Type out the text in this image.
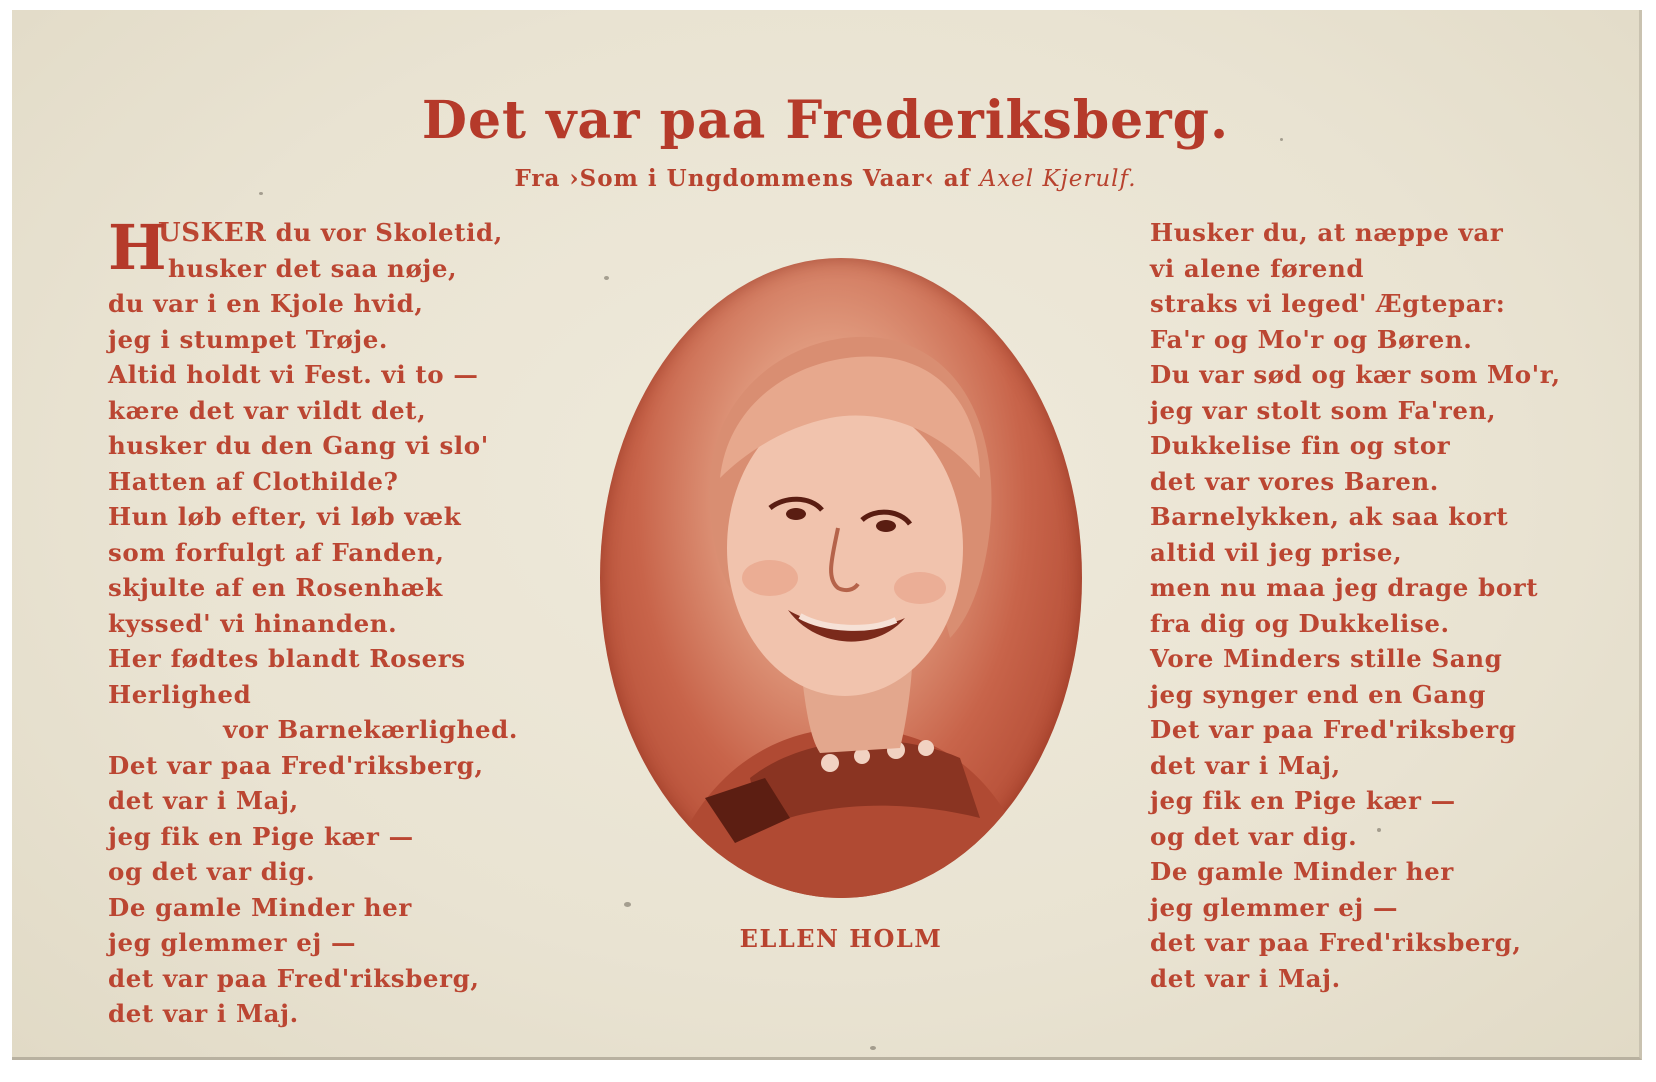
Det var paa Frederiksberg.
Fra ›Som i Ungdommens Vaar‹ af Axel Kjerulf.
H
USKER du vor Skoletid,
husker det saa nøje,
du var i en Kjole hvid,
jeg i stumpet Trøje.
Altid holdt vi Fest. vi to —
kære det var vildt det,
husker du den Gang vi slo'
Hatten af Clothilde?
Hun løb efter, vi løb væk
som forfulgt af Fanden,
skjulte af en Rosenhæk
kyssed' vi hinanden.
Her fødtes blandt Rosers
Herlighed
vor Barnekærlighed.
Det var paa Fred'riksberg,
det var i Maj,
jeg fik en Pige kær —
og det var dig.
De gamle Minder her
jeg glemmer ej —
det var paa Fred'riksberg,
det var i Maj.
ELLEN HOLM
Husker du, at næppe var
vi alene førend
straks vi leged' Ægtepar:
Fa'r og Mo'r og Børen.
Du var sød og kær som Mo'r,
jeg var stolt som Fa'ren,
Dukkelise fin og stor
det var vores Baren.
Barnelykken, ak saa kort
altid vil jeg prise,
men nu maa jeg drage bort
fra dig og Dukkelise.
Vore Minders stille Sang
jeg synger end en Gang
Det var paa Fred'riksberg
det var i Maj,
jeg fik en Pige kær —
og det var dig.
De gamle Minder her
jeg glemmer ej —
det var paa Fred'riksberg,
det var i Maj.
